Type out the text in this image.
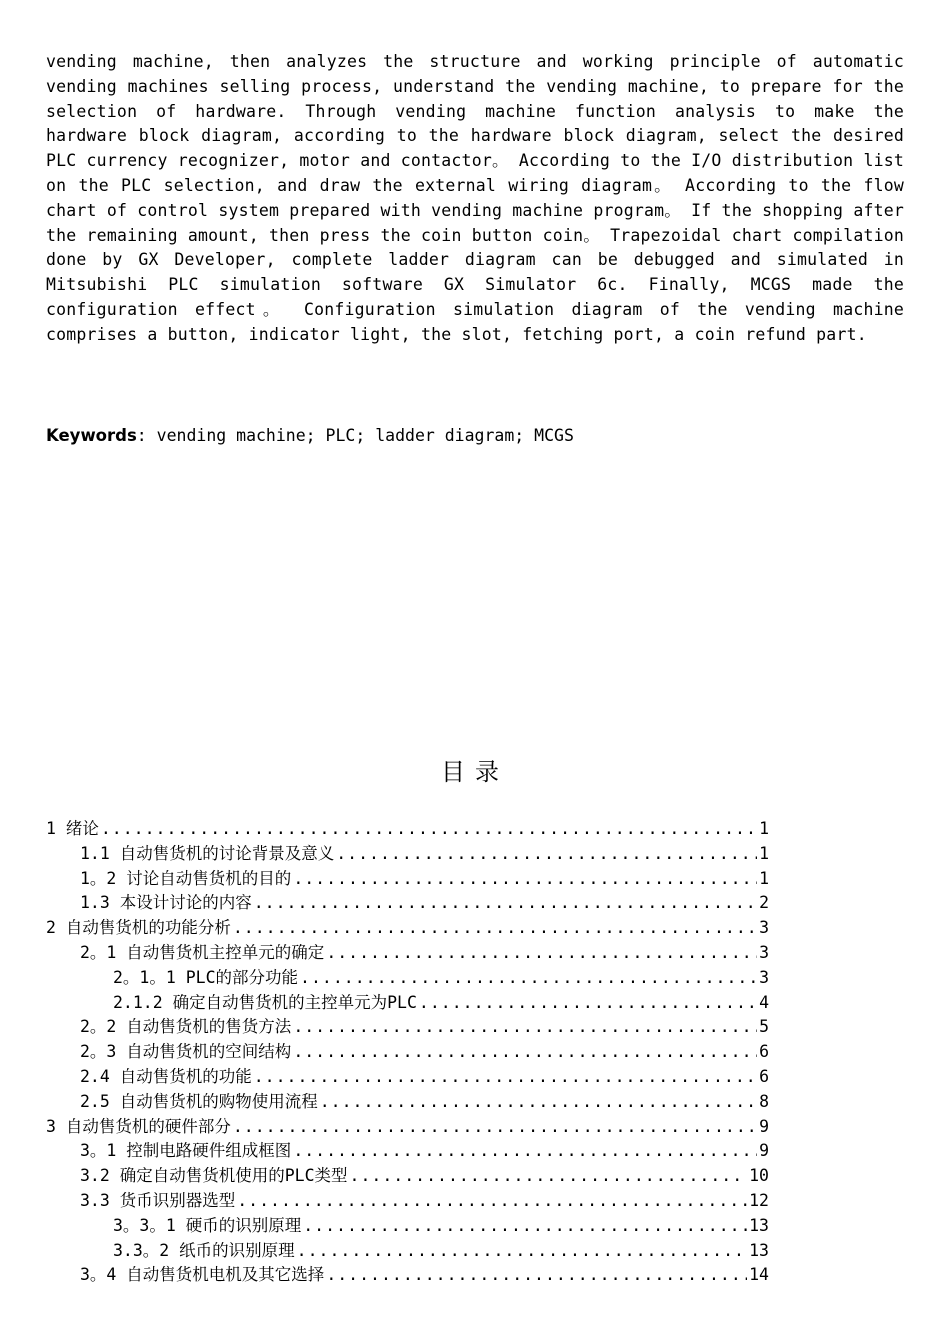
vending machine, then analyzes the structure and working principle of automatic vending machines selling process, understand the vending machine, to prepare for the selection of hardware. Through vending machine function analysis to make the hardware block diagram, according to the hardware block diagram, select the desired PLC currency recognizer, motor and contactor。 According to the I/O distribution list on the PLC selection, and draw the external wiring diagram。 According to the flow chart of control system prepared with vending machine program。 If the shopping after the remaining amount, then press the coin button coin。 Trapezoidal chart compilation done by GX Developer, complete ladder diagram can be debugged and simulated in Mitsubishi PLC simulation software GX Simulator 6c. Finally, MCGS made the configuration effect。 Configuration simulation diagram of the vending machine comprises a button, indicator light, the slot, fetching port, a coin refund part.
Keywords: vending machine; PLC; ladder diagram; MCGS
目录
1 绪论 .....	1
1.1 自动售货机的讨论背景及意义 .....	1
1。2 讨论自动售货机的目的 .....	1
1.3 本设计讨论的内容 .....	2
2 自动售货机的功能分析 .....	3
2。1 自动售货机主控单元的确定 .....	3
2。1。1 PLC的部分功能 .....	3
2.1.2 确定自动售货机的主控单元为PLC .....	4
2。2 自动售货机的售货方法 .....	5
2。3 自动售货机的空间结构 .....	6
2.4 自动售货机的功能 .....	6
2.5 自动售货机的购物使用流程 .....	8
3 自动售货机的硬件部分 .....	9
3。1 控制电路硬件组成框图 .....	9
3.2 确定自动售货机使用的PLC类型 .....	10
3.3 货币识别器选型 .....	12
3。3。1 硬币的识别原理 .....	13
3.3。2 纸币的识别原理 .....	13
3。4 自动售货机电机及其它选择 .....	14
